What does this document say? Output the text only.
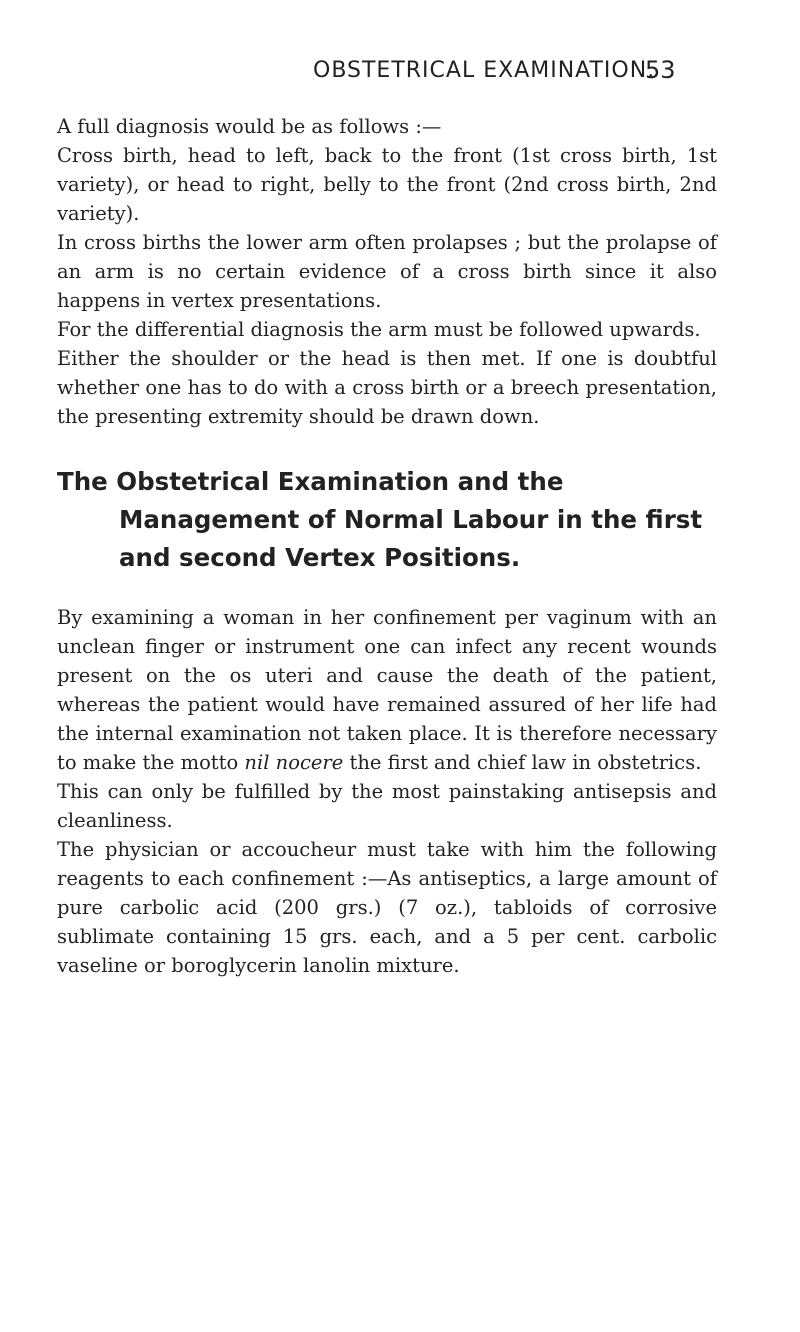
OBSTETRICAL EXAMINATION.
53

A full diagnosis would be as follows :—

Cross birth, head to left, back to the front (1st cross birth, 1st variety), or head to right, belly to the front (2nd cross birth, 2nd variety).

In cross births the lower arm often prolapses ; but the prolapse of an arm is no certain evidence of a cross birth since it also happens in vertex presentations.

For the differential diagnosis the arm must be followed upwards.

Either the shoulder or the head is then met. If one is doubtful whether one has to do with a cross birth or a breech presentation, the presenting extremity should be drawn down.

The Obstetrical Examination and the Management of Normal Labour in the first and second Vertex Positions.

By examining a woman in her confinement per vaginum with an unclean finger or instrument one can infect any recent wounds present on the os uteri and cause the death of the patient, whereas the patient would have remained assured of her life had the internal examination not taken place. It is therefore necessary to make the motto nil nocere the first and chief law in obstetrics.

This can only be fulfilled by the most painstaking antisepsis and cleanliness.

The physician or accoucheur must take with him the following reagents to each confinement :—As antiseptics, a large amount of pure carbolic acid (200 grs.) (7 oz.), tabloids of corrosive sublimate containing 15 grs. each, and a 5 per cent. carbolic vaseline or boroglycerin lanolin mixture.
